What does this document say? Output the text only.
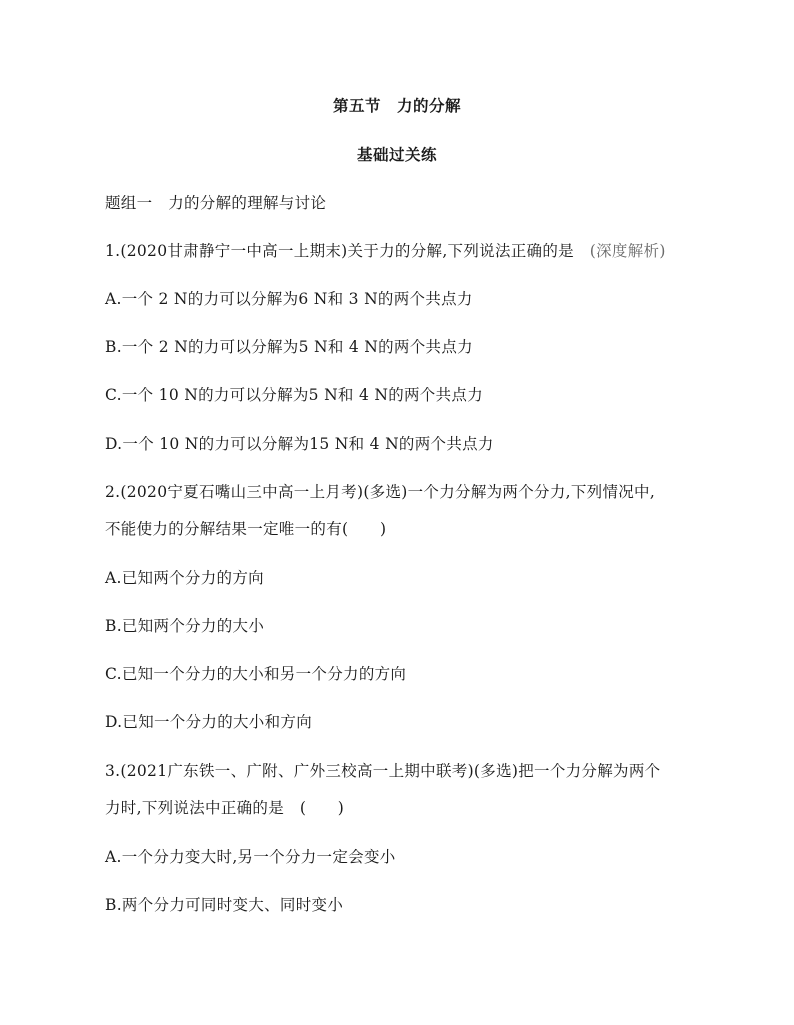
第五节　力的分解
基础过关练
题组一　力的分解的理解与讨论
1.(2020甘肃静宁一中高一上期末)关于力的分解,下列说法正确的是　(深度解析)
A.一个 2 N的力可以分解为6 N和 3 N的两个共点力
B.一个 2 N的力可以分解为5 N和 4 N的两个共点力
C.一个 10 N的力可以分解为5 N和 4 N的两个共点力
D.一个 10 N的力可以分解为15 N和 4 N的两个共点力
2.(2020宁夏石嘴山三中高一上月考)(多选)一个力分解为两个分力,下列情况中,
不能使力的分解结果一定唯一的有(　　)
A.已知两个分力的方向
B.已知两个分力的大小
C.已知一个分力的大小和另一个分力的方向
D.已知一个分力的大小和方向
3.(2021广东铁一、广附、广外三校高一上期中联考)(多选)把一个力分解为两个
力时,下列说法中正确的是　(　　)
A.一个分力变大时,另一个分力一定会变小
B.两个分力可同时变大、同时变小
